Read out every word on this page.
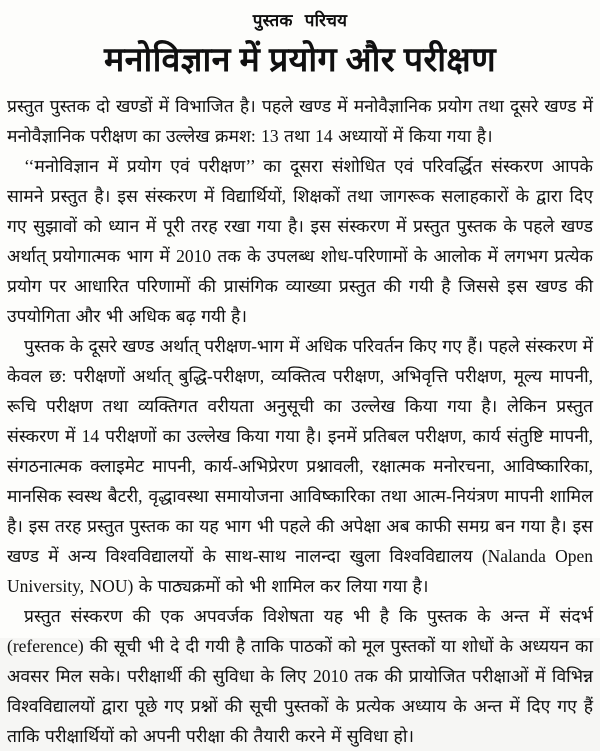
पुस्तक परिचय
मनोविज्ञान में प्रयोग और परीक्षण

प्रस्तुत पुस्तक दो खण्डों में विभाजित है। पहले खण्ड में मनोवैज्ञानिक प्रयोग तथा दूसरे खण्ड में मनोवैज्ञानिक परीक्षण का उल्लेख क्रमश: 13 तथा 14 अध्यायों में किया गया है।

‘‘मनोविज्ञान में प्रयोग एवं परीक्षण’’ का दूसरा संशोधित एवं परिवर्द्धित संस्करण आपके सामने प्रस्तुत है। इस संस्करण में विद्यार्थियों, शिक्षकों तथा जागरूक सलाहकारों के द्वारा दिए गए सुझावों को ध्यान में पूरी तरह रखा गया है। इस संस्करण में प्रस्तुत पुस्तक के पहले खण्ड अर्थात् प्रयोगात्मक भाग में 2010 तक के उपलब्ध शोध-परिणामों के आलोक में लगभग प्रत्येक प्रयोग पर आधारित परिणामों की प्रासंगिक व्याख्या प्रस्तुत की गयी है जिससे इस खण्ड की उपयोगिता और भी अधिक बढ़ गयी है।

पुस्तक के दूसरे खण्ड अर्थात् परीक्षण-भाग में अधिक परिवर्तन किए गए हैं। पहले संस्करण में केवल छ: परीक्षणों अर्थात् बुद्धि-परीक्षण, व्यक्तित्व परीक्षण, अभिवृत्ति परीक्षण, मूल्य मापनी, रूचि परीक्षण तथा व्यक्तिगत वरीयता अनुसूची का उल्लेख किया गया है। लेकिन प्रस्तुत संस्करण में 14 परीक्षणों का उल्लेख किया गया है। इनमें प्रतिबल परीक्षण, कार्य संतुष्टि मापनी, संगठनात्मक क्लाइमेट मापनी, कार्य-अभिप्रेरण प्रश्नावली, रक्षात्मक मनोरचना, आविष्कारिका, मानसिक स्वस्थ बैटरी, वृद्धावस्था समायोजना आविष्कारिका तथा आत्म-नियंत्रण मापनी शामिल है। इस तरह प्रस्तुत पुस्तक का यह भाग भी पहले की अपेक्षा अब काफी समग्र बन गया है। इस खण्ड में अन्य विश्वविद्यालयों के साथ-साथ नालन्दा खुला विश्वविद्यालय (Nalanda Open University, NOU) के पाठ्यक्रमों को भी शामिल कर लिया गया है।

प्रस्तुत संस्करण की एक अपवर्जक विशेषता यह भी है कि पुस्तक के अन्त में संदर्भ (reference) की सूची भी दे दी गयी है ताकि पाठकों को मूल पुस्तकों या शोधों के अध्ययन का अवसर मिल सके। परीक्षार्थी की सुविधा के लिए 2010 तक की प्रायोजित परीक्षाओं में विभिन्न विश्वविद्यालयों द्वारा पूछे गए प्रश्नों की सूची पुस्तकों के प्रत्येक अध्याय के अन्त में दिए गए हैं ताकि परीक्षार्थियों को अपनी परीक्षा की तैयारी करने में सुविधा हो।
